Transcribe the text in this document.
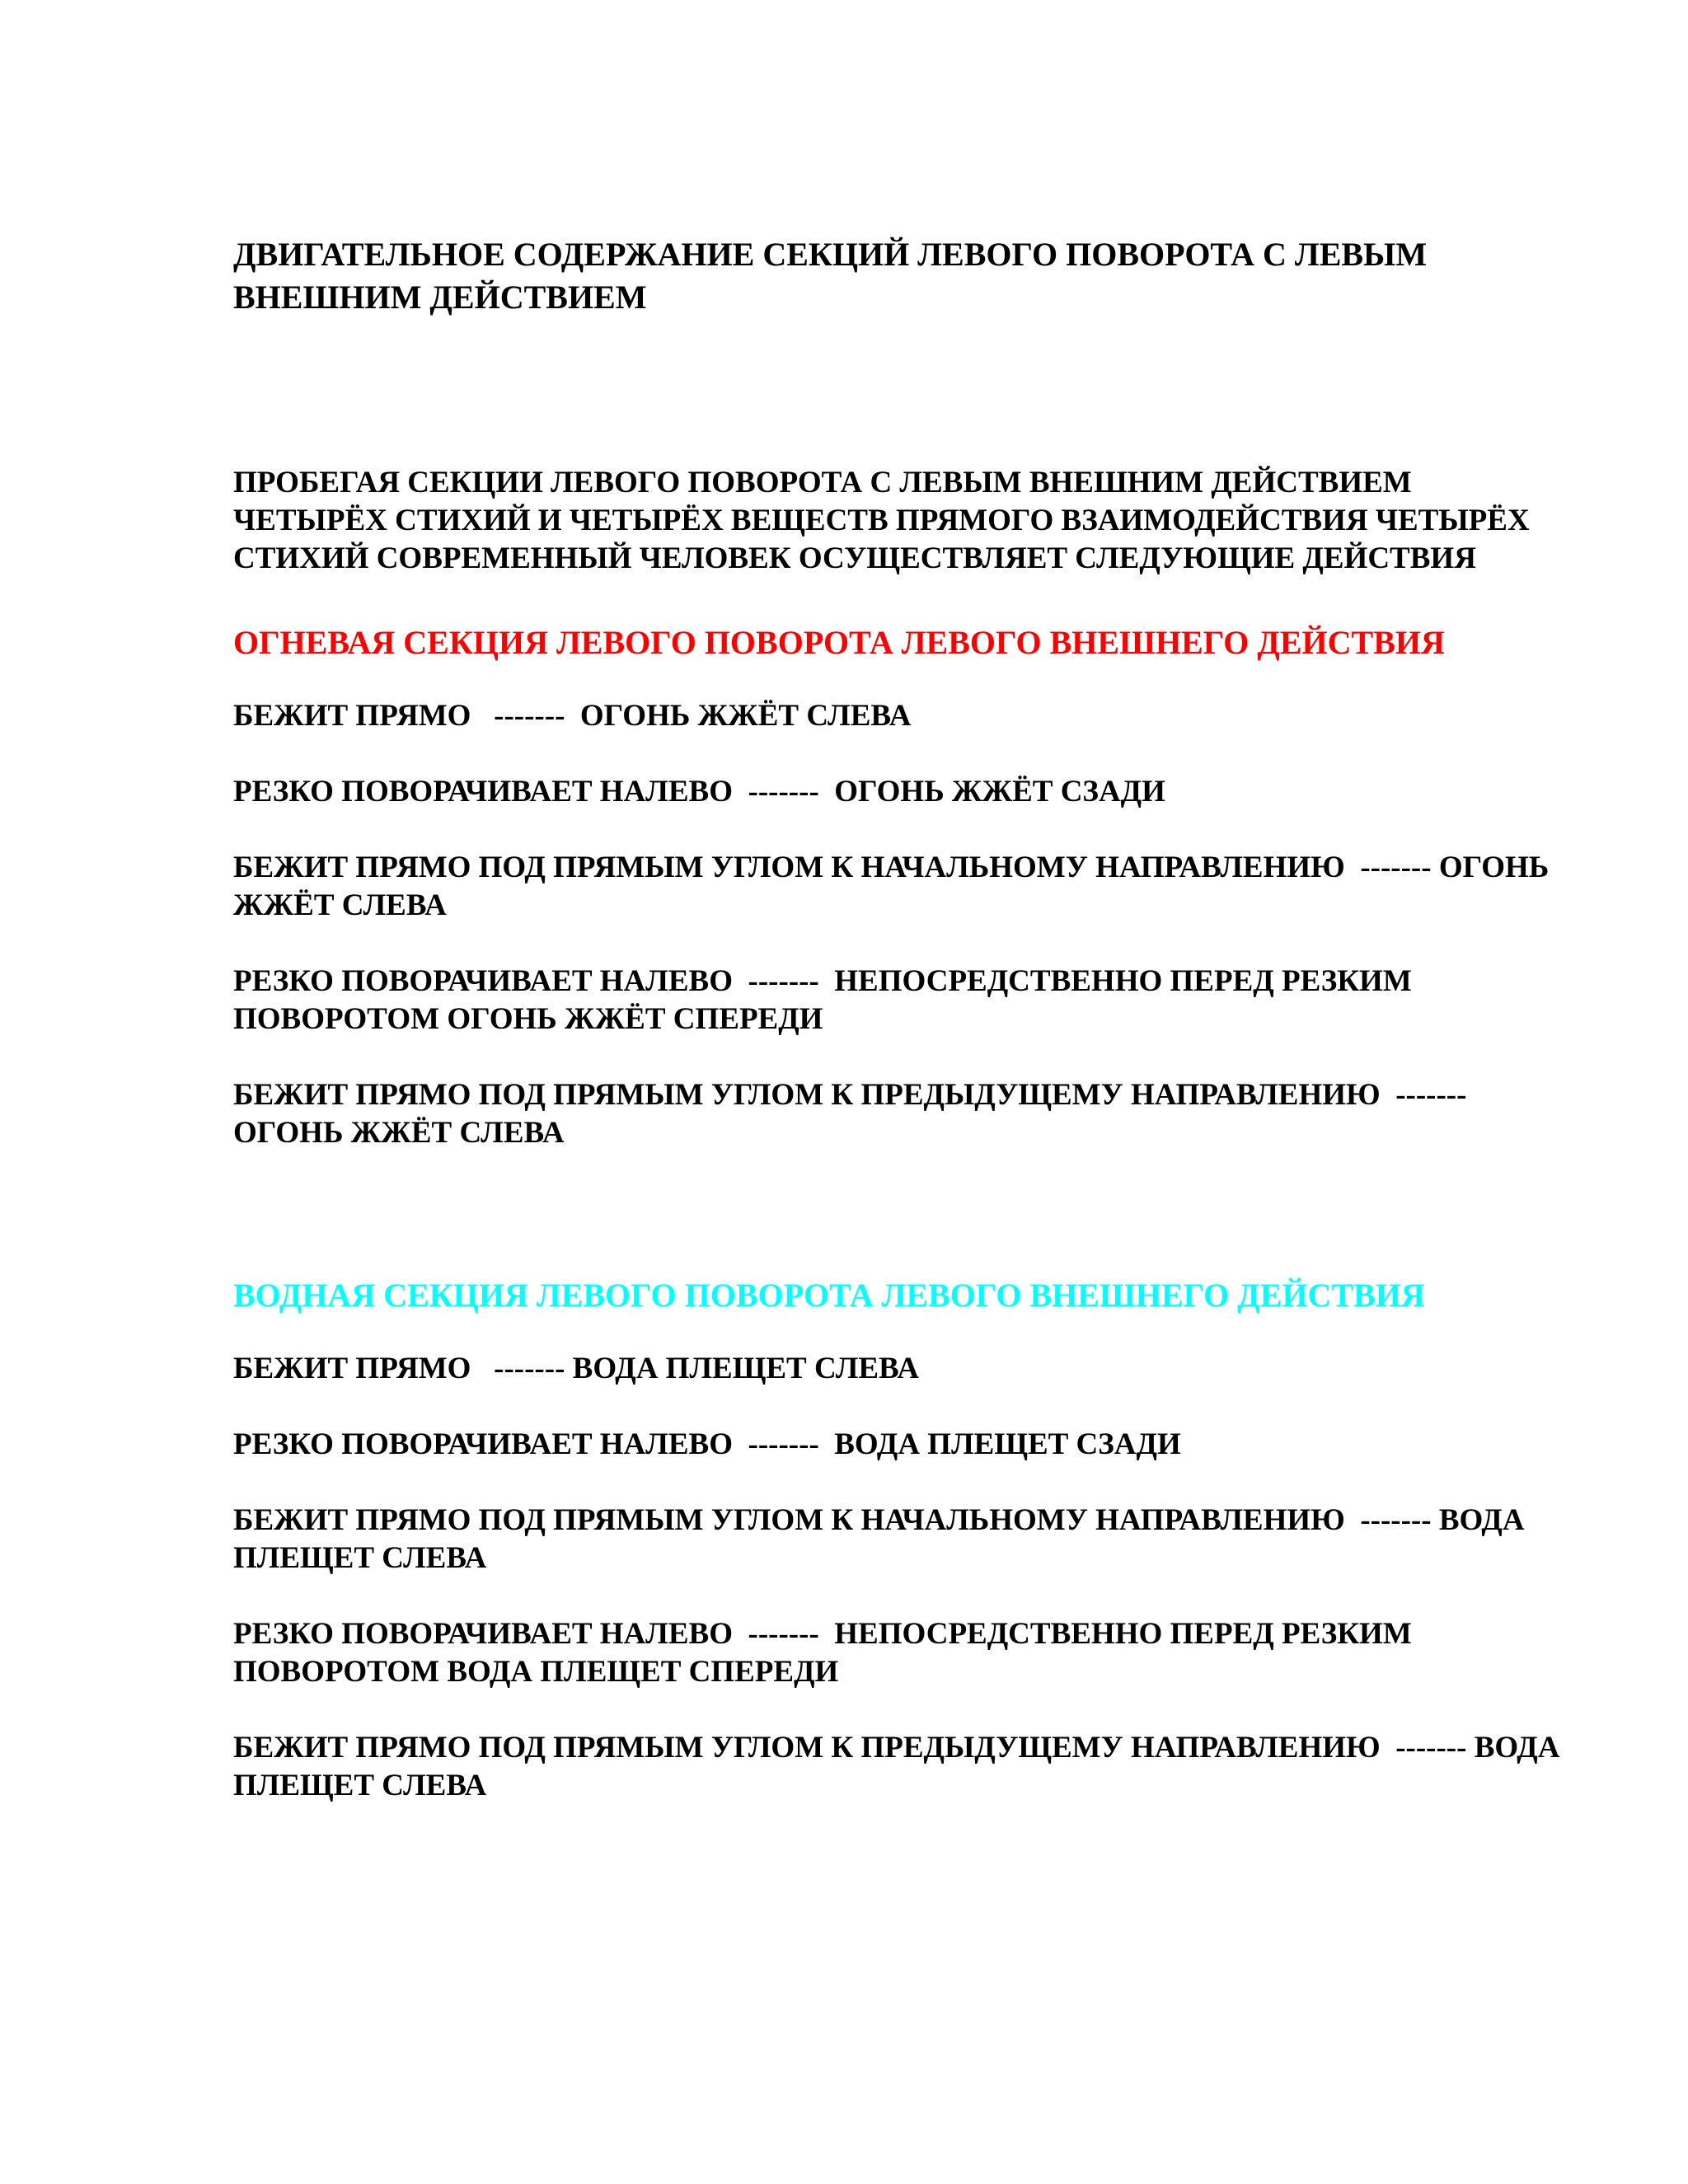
ДВИГАТЕЛЬНОЕ СОДЕРЖАНИЕ СЕКЦИЙ ЛЕВОГО ПОВОРОТА С ЛЕВЫМ ВНЕШНИМ ДЕЙСТВИЕМ

ПРОБЕГАЯ СЕКЦИИ ЛЕВОГО ПОВОРОТА С ЛЕВЫМ ВНЕШНИМ ДЕЙСТВИЕМ ЧЕТЫРЁХ СТИХИЙ И ЧЕТЫРЁХ ВЕЩЕСТВ ПРЯМОГО ВЗАИМОДЕЙСТВИЯ ЧЕТЫРЁХ СТИХИЙ СОВРЕМЕННЫЙ ЧЕЛОВЕК ОСУЩЕСТВЛЯЕТ СЛЕДУЮЩИЕ ДЕЙСТВИЯ

ОГНЕВАЯ СЕКЦИЯ ЛЕВОГО ПОВОРОТА ЛЕВОГО ВНЕШНЕГО ДЕЙСТВИЯ

БЕЖИТ ПРЯМО   -------  ОГОНЬ ЖЖЁТ СЛЕВА

РЕЗКО ПОВОРАЧИВАЕТ НАЛЕВО  -------  ОГОНЬ ЖЖЁТ СЗАДИ

БЕЖИТ ПРЯМО ПОД ПРЯМЫМ УГЛОМ К НАЧАЛЬНОМУ НАПРАВЛЕНИЮ  ------- ОГОНЬ ЖЖЁТ СЛЕВА

РЕЗКО ПОВОРАЧИВАЕТ НАЛЕВО  -------  НЕПОСРЕДСТВЕННО ПЕРЕД РЕЗКИМ ПОВОРОТОМ ОГОНЬ ЖЖЁТ СПЕРЕДИ

БЕЖИТ ПРЯМО ПОД ПРЯМЫМ УГЛОМ К ПРЕДЫДУЩЕМУ НАПРАВЛЕНИЮ  ------- ОГОНЬ ЖЖЁТ СЛЕВА

ВОДНАЯ СЕКЦИЯ ЛЕВОГО ПОВОРОТА ЛЕВОГО ВНЕШНЕГО ДЕЙСТВИЯ

БЕЖИТ ПРЯМО   ------- ВОДА ПЛЕЩЕТ СЛЕВА

РЕЗКО ПОВОРАЧИВАЕТ НАЛЕВО  -------  ВОДА ПЛЕЩЕТ СЗАДИ

БЕЖИТ ПРЯМО ПОД ПРЯМЫМ УГЛОМ К НАЧАЛЬНОМУ НАПРАВЛЕНИЮ  ------- ВОДА ПЛЕЩЕТ СЛЕВА

РЕЗКО ПОВОРАЧИВАЕТ НАЛЕВО  -------  НЕПОСРЕДСТВЕННО ПЕРЕД РЕЗКИМ ПОВОРОТОМ ВОДА ПЛЕЩЕТ СПЕРЕДИ

БЕЖИТ ПРЯМО ПОД ПРЯМЫМ УГЛОМ К ПРЕДЫДУЩЕМУ НАПРАВЛЕНИЮ  ------- ВОДА ПЛЕЩЕТ СЛЕВА
